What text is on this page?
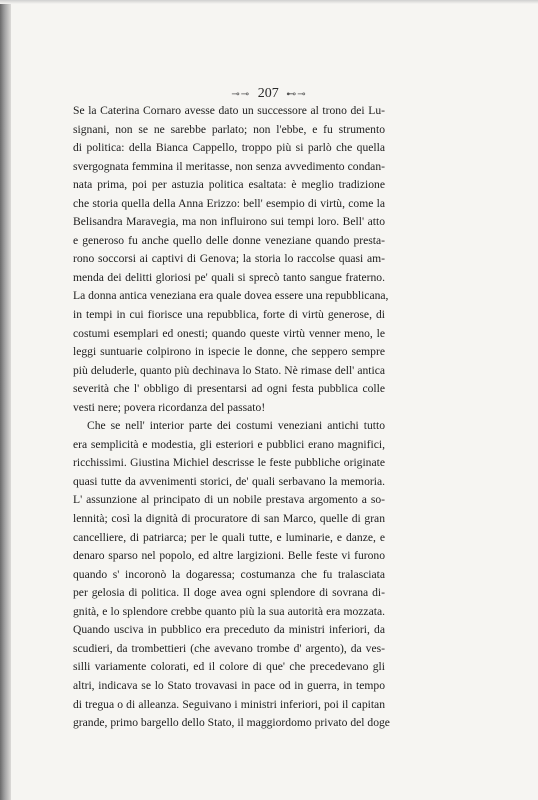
⊸⊸ 207 ⊷⊸
Se la Caterina Cornaro avesse dato un successore al trono dei Lu-
signani, non se ne sarebbe parlato; non l'ebbe, e fu strumento
di politica: della Bianca Cappello, troppo più si parlò che quella
svergognata femmina il meritasse, non senza avvedimento condan-
nata prima, poi per astuzia politica esaltata: è meglio tradizione
che storia quella della Anna Erizzo: bell' esempio di virtù, come la
Belisandra Maravegia, ma non influirono sui tempi loro. Bell' atto
e generoso fu anche quello delle donne veneziane quando presta-
rono soccorsi ai captivi di Genova; la storia lo raccolse quasi am-
menda dei delitti gloriosi pe' quali si sprecò tanto sangue fraterno.
La donna antica veneziana era quale dovea essere una repubblicana,
in tempi in cui fiorisce una repubblica, forte di virtù generose, di
costumi esemplari ed onesti; quando queste virtù venner meno, le
leggi suntuarie colpirono in ispecie le donne, che seppero sempre
più deluderle, quanto più dechinava lo Stato. Nè rimase dell' antica
severità che l' obbligo di presentarsi ad ogni festa pubblica colle
vesti nere; povera ricordanza del passato!
Che se nell' interior parte dei costumi veneziani antichi tutto
era semplicità e modestia, gli esteriori e pubblici erano magnifici,
ricchissimi. Giustina Michiel descrisse le feste pubbliche originate
quasi tutte da avvenimenti storici, de' quali serbavano la memoria.
L' assunzione al principato di un nobile prestava argomento a so-
lennità; così la dignità di procuratore di san Marco, quelle di gran
cancelliere, di patriarca; per le quali tutte, e luminarie, e danze, e
denaro sparso nel popolo, ed altre largizioni. Belle feste vi furono
quando s' incoronò la dogaressa; costumanza che fu tralasciata
per gelosia di politica. Il doge avea ogni splendore di sovrana di-
gnità, e lo splendore crebbe quanto più la sua autorità era mozzata.
Quando usciva in pubblico era preceduto da ministri inferiori, da
scudieri, da trombettieri (che avevano trombe d' argento), da ves-
silli variamente colorati, ed il colore di que' che precedevano gli
altri, indicava se lo Stato trovavasi in pace od in guerra, in tempo
di tregua o di alleanza. Seguivano i ministri inferiori, poi il capitan
grande, primo bargello dello Stato, il maggiordomo privato del doge
